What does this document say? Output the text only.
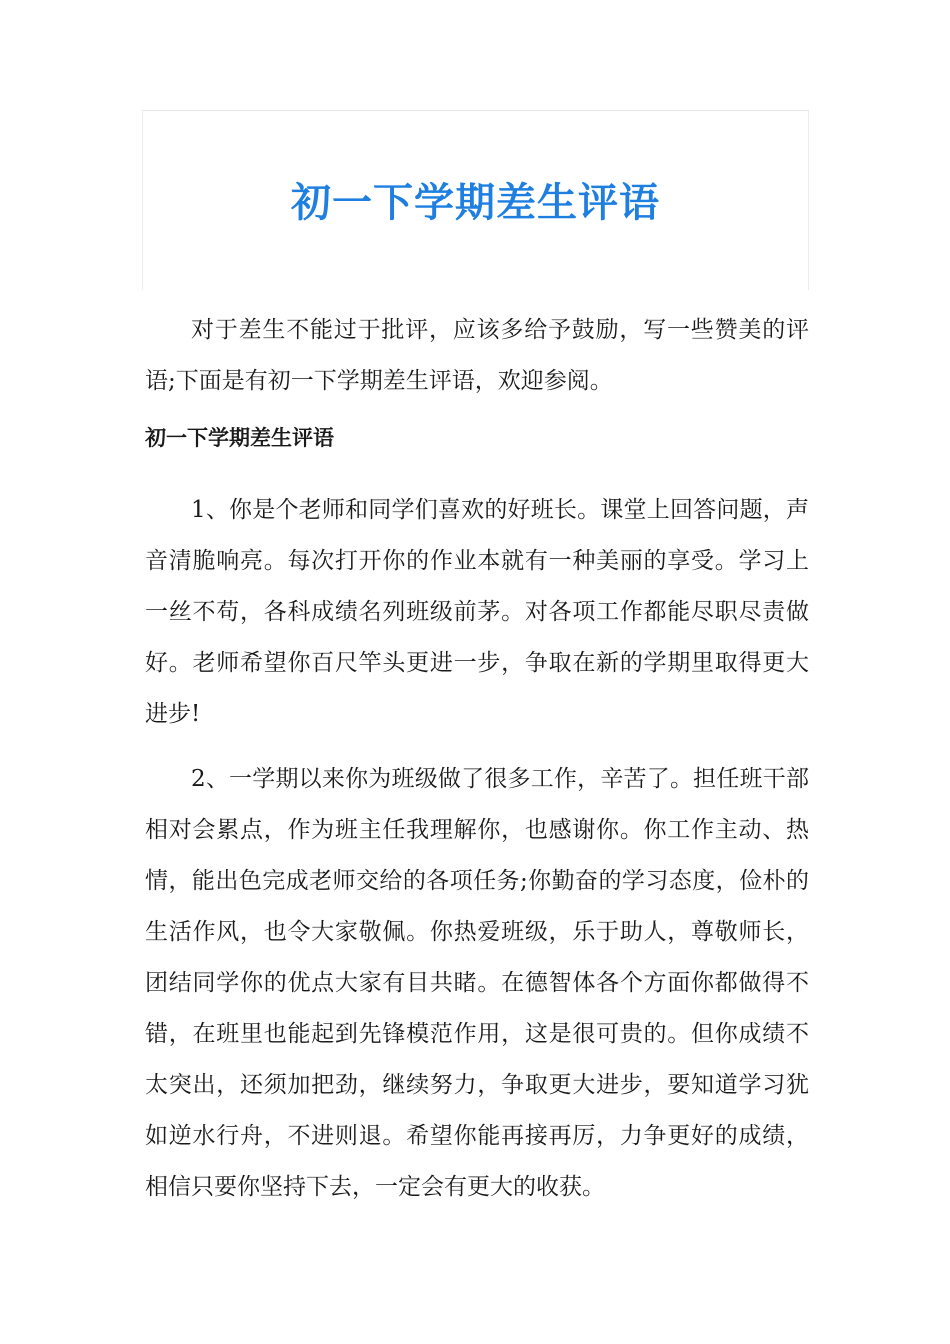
初一下学期差生评语

对于差生不能过于批评，应该多给予鼓励，写一些赞美的评语;下面是有初一下学期差生评语，欢迎参阅。

初一下学期差生评语

1、你是个老师和同学们喜欢的好班长。课堂上回答问题，声音清脆响亮。每次打开你的作业本就有一种美丽的享受。学习上一丝不苟，各科成绩名列班级前茅。对各项工作都能尽职尽责做好。老师希望你百尺竿头更进一步，争取在新的学期里取得更大进步!

2、一学期以来你为班级做了很多工作，辛苦了。担任班干部相对会累点，作为班主任我理解你，也感谢你。你工作主动、热情，能出色完成老师交给的各项任务;你勤奋的学习态度，俭朴的生活作风，也令大家敬佩。你热爱班级，乐于助人，尊敬师长，团结同学你的优点大家有目共睹。在德智体各个方面你都做得不错，在班里也能起到先锋模范作用，这是很可贵的。但你成绩不太突出，还须加把劲，继续努力，争取更大进步，要知道学习犹如逆水行舟，不进则退。希望你能再接再厉，力争更好的成绩，相信只要你坚持下去，一定会有更大的收获。
